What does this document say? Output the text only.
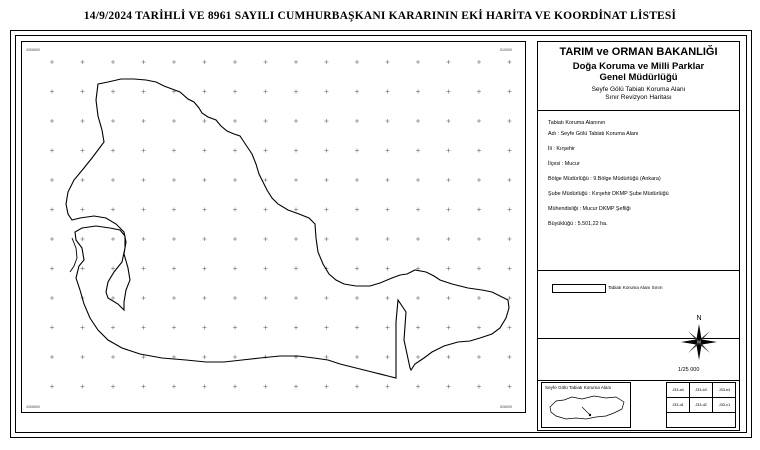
14/9/2024 TARİHLİ VE 8961 SAYILI CUMHURBAŞKANI KARARININ EKİ HARİTA VE KOORDİNAT LİSTESİ
4306500	510000
4306500	526000
TARIM ve ORMAN BAKANLIĞI
Doğa Koruma ve Milli Parklar
Genel Müdürlüğü
Seyfe Gölü Tabiatı Koruma Alanı
Sınır Revizyon Haritası
Tabiatı Koruma Alanının
Adı : Seyfe Gölü Tabiatı Koruma Alanı
İli : Kırşehir
İlçesi : Mucur
Bölge Müdürlüğü : 9.Bölge Müdürlüğü (Ankara)
Şube Müdürlüğü : Kırşehir DKMP Şube Müdürlüğü
Mühendisliği : Mucur DKMP Şefliği
Büyüklüğü : 5.501,22 ha.
Tabiatı Koruma Alanı Sınırı
N
1/25 000
Seyfe Gölü Tabiatı Koruma Alanı	J33-a4	J33-b3	J33-b4
J33-d1	J33-d2	J33-c1
